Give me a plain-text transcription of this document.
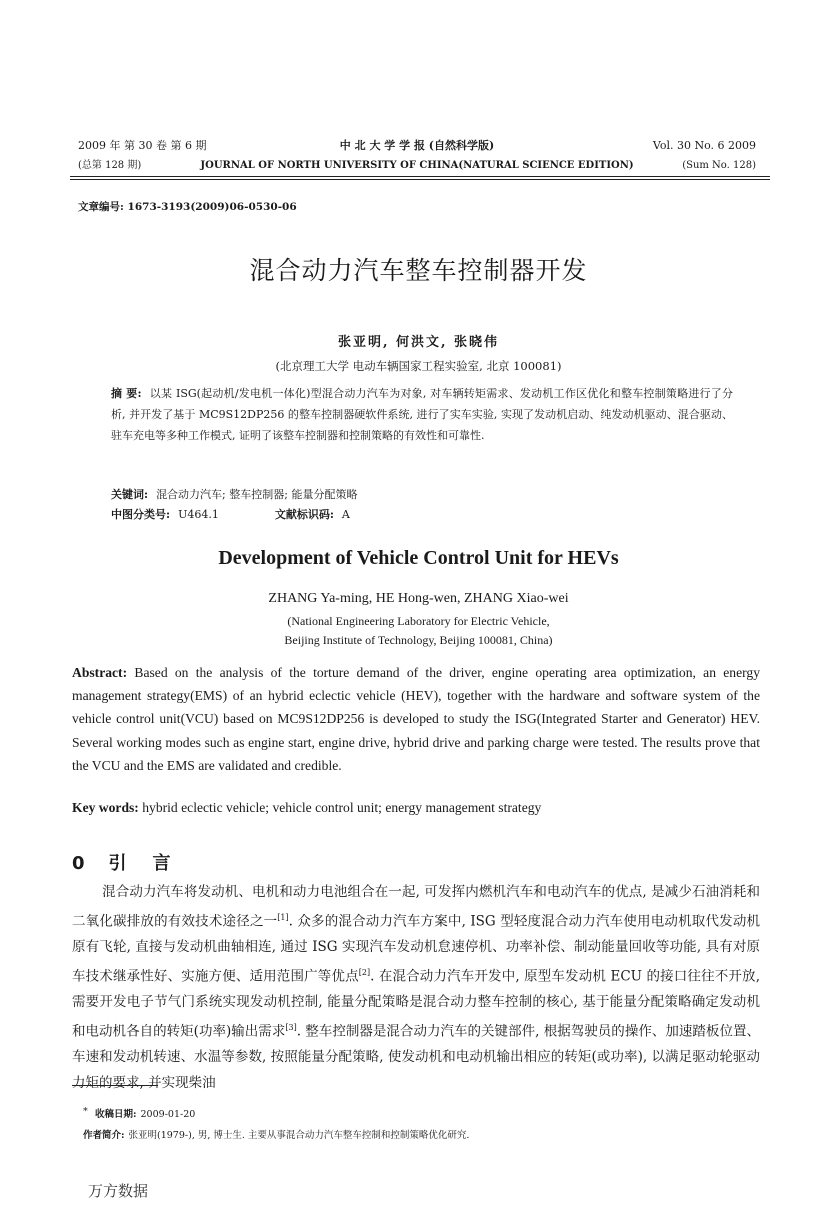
2009 年 第 30 卷 第 6 期	中 北 大 学 学 报 (自然科学版)	Vol. 30 No. 6 2009
(总第 128 期)	JOURNAL OF NORTH UNIVERSITY OF CHINA(NATURAL SCIENCE EDITION)	(Sum No. 128)
文章编号: 1673-3193(2009)06-0530-06
混合动力汽车整车控制器开发
张亚明, 何洪文, 张晓伟
(北京理工大学 电动车辆国家工程实验室, 北京 100081)
摘 要: 以某 ISG(起动机/发电机一体化)型混合动力汽车为对象, 对车辆转矩需求、发动机工作区优化和整车控制策略进行了分析, 并开发了基于 MC9S12DP256 的整车控制器硬软件系统, 进行了实车实验, 实现了发动机启动、纯发动机驱动、混合驱动、驻车充电等多种工作模式, 证明了该整车控制器和控制策略的有效性和可靠性.
关键词: 混合动力汽车; 整车控制器; 能量分配策略
中图分类号: U464.1	文献标识码: A
Development of Vehicle Control Unit for HEVs
ZHANG Ya-ming, HE Hong-wen, ZHANG Xiao-wei
(National Engineering Laboratory for Electric Vehicle,
Beijing Institute of Technology, Beijing 100081, China)
Abstract: Based on the analysis of the torture demand of the driver, engine operating area optimization, an energy management strategy(EMS) of an hybrid eclectic vehicle (HEV), together with the hardware and software system of the vehicle control unit(VCU) based on MC9S12DP256 is developed to study the ISG(Integrated Starter and Generator) HEV. Several working modes such as engine start, engine drive, hybrid drive and parking charge were tested. The results prove that the VCU and the EMS are validated and credible.
Key words: hybrid eclectic vehicle; vehicle control unit; energy management strategy
0 引 言
混合动力汽车将发动机、电机和动力电池组合在一起, 可发挥内燃机汽车和电动汽车的优点, 是减少石油消耗和二氧化碳排放的有效技术途径之一[1]. 众多的混合动力汽车方案中, ISG 型轻度混合动力汽车使用电动机取代发动机原有飞轮, 直接与发动机曲轴相连, 通过 ISG 实现汽车发动机怠速停机、功率补偿、制动能量回收等功能, 具有对原车技术继承性好、实施方便、适用范围广等优点[2]. 在混合动力汽车开发中, 原型车发动机 ECU 的接口往往不开放, 需要开发电子节气门系统实现发动机控制, 能量分配策略是混合动力整车控制的核心, 基于能量分配策略确定发动机和电动机各自的转矩(功率)输出需求[3]. 整车控制器是混合动力汽车的关键部件, 根据驾驶员的操作、加速踏板位置、车速和发动机转速、水温等参数, 按照能量分配策略, 使发动机和电动机输出相应的转矩(或功率), 以满足驱动轮驱动力矩的要求, 并实现柴油
* 收稿日期: 2009-01-20
作者简介: 张亚明(1979-), 男, 博士生. 主要从事混合动力汽车整车控制和控制策略优化研究.
万方数据
